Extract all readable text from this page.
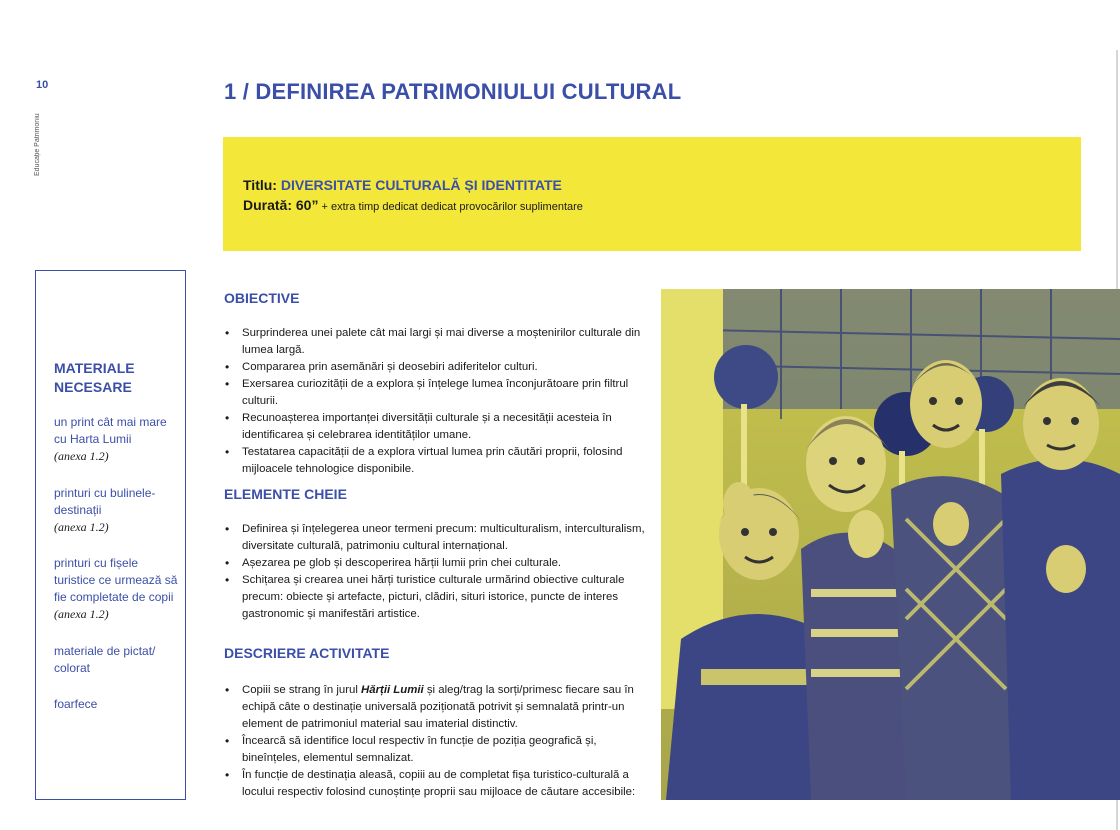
10
Educație Patrimoniu
1 / DEFINIREA PATRIMONIULUI CULTURAL
Titlu: DIVERSITATE CULTURALĂ ȘI IDENTITATE
Durată: 60” + extra timp dedicat dedicat provocărilor suplimentare
MATERIALE
NECESARE
un print cât mai mare cu Harta Lumii
(anexa 1.2)
printuri cu bulinele-destinații
(anexa 1.2)
printuri cu fișele turistice ce urmează să fie completate de copii (anexa 1.2)
materiale de pictat/ colorat
foarfece
OBIECTIVE
• Surprinderea unei palete cât mai largi și mai diverse a moștenirilor culturale din lumea largă.
• Compararea prin asemănări și deosebiri adiferitelor culturi.
• Exersarea curiozității de a explora și înțelege lumea înconjurătoare prin filtrul culturii.
• Recunoașterea importanței diversității culturale și a necesității acesteia în identificarea și celebrarea identităților umane.
• Testatarea capacității de a explora virtual lumea prin căutări proprii, folosind mijloacele tehnologice disponibile.
ELEMENTE CHEIE
• Definirea și înțelegerea uneor termeni precum: multiculturalism, interculturalism, diversitate culturală, patrimoniu cultural internațional.
• Așezarea pe glob și descoperirea hărții lumii prin chei culturale.
• Schițarea și crearea unei hărți turistice culturale urmărind obiective culturale precum: obiecte și artefacte, picturi, clădiri, situri istorice, puncte de interes gastronomic și manifestări artistice.
DESCRIERE ACTIVITATE
• Copiii se strang în jurul Hărții Lumii și aleg/trag la sorți/primesc fiecare sau în echipă câte o destinație universală poziționată potrivit și semnalată printr-un element de patrimoniul material sau imaterial distinctiv.
• Încearcă să identifice locul respectiv în funcție de poziția geografică și, bineînțeles, elementul semnalizat.
• În funcție de destinația aleasă, copiii au de completat fișa turistico-culturală a locului respectiv folosind cunoștințe proprii sau mijloace de căutare accesibile:
